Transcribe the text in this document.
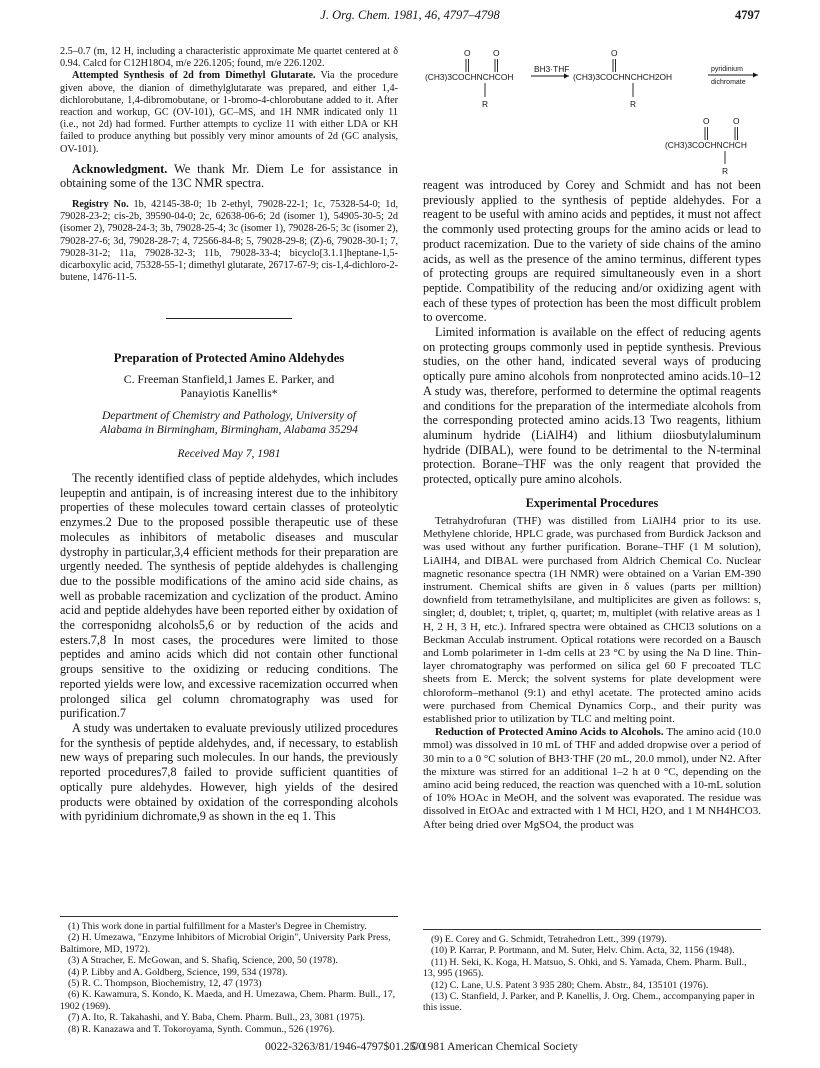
J. Org. Chem. 1981, 46, 4797–4798	4797

2.5–0.7 (m, 12 H, including a characteristic approximate Me quartet centered at δ 0.94. Calcd for C12H18O4, m/e 226.1205; found, m/e 226.1202.

Attempted Synthesis of 2d from Dimethyl Glutarate. Via the procedure given above, the dianion of dimethylglutarate was prepared, and either 1,4-dichlorobutane, 1,4-dibromobutane, or 1-bromo-4-chlorobutane added to it. After reaction and workup, GC (OV-101), GC–MS, and 1H NMR indicated only 11 (i.e., not 2d) had formed. Further attempts to cyclize 11 with either LDA or KH failed to produce anything but possibly very minor amounts of 2d (GC analysis, OV-101).

Acknowledgment. We thank Mr. Diem Le for assistance in obtaining some of the 13C NMR spectra.

Registry No. 1b, 42145-38-0; 1b 2-ethyl, 79028-22-1; 1c, 75328-54-0; 1d, 79028-23-2; cis-2b, 39590-04-0; 2c, 62638-06-6; 2d (isomer 1), 54905-30-5; 2d (isomer 2), 79028-24-3; 3b, 79028-25-4; 3c (isomer 1), 79028-26-5; 3c (isomer 2), 79028-27-6; 3d, 79028-28-7; 4, 72566-84-8; 5, 79028-29-8; (Z)-6, 79028-30-1; 7, 79028-31-2; 11a, 79028-32-3; 11b, 79028-33-4; bicyclo[3.1.1]heptane-1,5-dicarboxylic acid, 75328-55-1; dimethyl glutarate, 26717-67-9; cis-1,4-dichloro-2-butene, 1476-11-5.

Preparation of Protected Amino Aldehydes
C. Freeman Stanfield,1 James E. Parker, and
Panayiotis Kanellis*
Department of Chemistry and Pathology, University of
Alabama in Birmingham, Birmingham, Alabama 35294
Received May 7, 1981

The recently identified class of peptide aldehydes, which includes leupeptin and antipain, is of increasing interest due to the inhibitory properties of these molecules toward certain classes of proteolytic enzymes.2 Due to the proposed possible therapeutic use of these molecules as inhibitors of metabolic diseases and muscular dystrophy in particular,3,4 efficient methods for their preparation are urgently needed. The synthesis of peptide aldehydes is challenging due to the possible modifications of the amino acid side chains, as well as probable racemization and cyclization of the product. Amino acid and peptide aldehydes have been reported either by oxidation of the corresponidng alcohols5,6 or by reduction of the acids and esters.7,8 In most cases, the procedures were limited to those peptides and amino acids which did not contain other functional groups sensitive to the oxidizing or reducing conditions. The reported yields were low, and excessive racemization occurred when prolonged silica gel column chromatography was used for purification.7

A study was undertaken to evaluate previously utilized procedures for the synthesis of peptide aldehydes, and, if necessary, to establish new ways of preparing such molecules. In our hands, the previously reported procedures7,8 failed to provide sufficient quantities of optically pure aldehydes. However, high yields of the desired products were obtained by oxidation of the corresponding alcohols with pyridinium dichromate,9 as shown in the eq 1. This

(1) This work done in partial fulfillment for a Master's Degree in Chemistry.
(2) H. Umezawa, "Enzyme Inhibitors of Microbial Origin", University Park Press, Baltimore, MD, 1972).
(3) A Stracher, E. McGowan, and S. Shafiq, Science, 200, 50 (1978).
(4) P. Libby and A. Goldberg, Science, 199, 534 (1978).
(5) R. C. Thompson, Biochemistry, 12, 47 (1973)
(6) K. Kawamura, S. Kondo, K. Maeda, and H. Umezawa, Chem. Pharm. Bull., 17, 1902 (1969).
(7) A. Ito, R. Takahashi, and Y. Baba, Chem. Pharm. Bull., 23, 3081 (1975).
(8) R. Kanazawa and T. Tokoroyama, Synth. Commun., 526 (1976).
(CH3)3COCHNCHCOH
O	O
R
BH3·THF
(CH3)3COCHNCHCH2OH
O
R
pyridinium
dichromate
(CH3)3COCHNCHCH
O	O
R

reagent was introduced by Corey and Schmidt and has not been previously applied to the synthesis of peptide aldehydes. For a reagent to be useful with amino acids and peptides, it must not affect the commonly used protecting groups for the amino acids or lead to product racemization. Due to the variety of side chains of the amino acids, as well as the presence of the amino terminus, different types of protecting groups are required simultaneously even in a short peptide. Compatibility of the reducing and/or oxidizing agent with each of these types of protection has been the most difficult problem to overcome.

Limited information is available on the effect of reducing agents on protecting groups commonly used in peptide synthesis. Previous studies, on the other hand, indicated several ways of producing optically pure amino alcohols from nonprotected amino acids.10–12 A study was, therefore, performed to determine the optimal reagents and conditions for the preparation of the intermediate alcohols from the corresponding protected amino acids.13 Two reagents, lithium aluminum hydride (LiAlH4) and lithium diiosbutylaluminum hydride (DIBAL), were found to be detrimental to the N-terminal protection. Borane–THF was the only reagent that provided the protected, optically pure amino alcohols.

Experimental Procedures

Tetrahydrofuran (THF) was distilled from LiAlH4 prior to its use. Methylene chloride, HPLC grade, was purchased from Burdick Jackson and was used without any further purification. Borane–THF (1 M solution), LiAlH4, and DIBAL were purchased from Aldrich Chemical Co. Nuclear magnetic resonance spectra (1H NMR) were obtained on a Varian EM-390 instrument. Chemical shifts are given in δ values (parts per milltion) downfield from tetramethylsilane, and multiplicites are given as follows: s, singlet; d, doublet; t, triplet, q, quartet; m, multiplet (with relative areas as 1 H, 2 H, 3 H, etc.). Infrared spectra were obtained as CHCl3 solutions on a Beckman Acculab instrument. Optical rotations were recorded on a Bausch and Lomb polarimeter in 1-dm cells at 23 °C by using the Na D line. Thin-layer chromatography was performed on silica gel 60 F precoated TLC sheets from E. Merck; the solvent systems for plate development were chloroform–methanol (9:1) and ethyl acetate. The protected amino acids were purchased from Chemical Dynamics Corp., and their purity was established prior to utilization by TLC and melting point.

Reduction of Protected Amino Acids to Alcohols. The amino acid (10.0 mmol) was dissolved in 10 mL of THF and added dropwise over a period of 30 min to a 0 °C solution of BH3·THF (20 mL, 20.0 mmol), under N2. After the mixture was stirred for an additional 1–2 h at 0 °C, depending on the amino acid being reduced, the reaction was quenched with a 10-mL solution of 10% HOAc in MeOH, and the solvent was evaporated. The residue was dissolved in EtOAc and extracted with 1 M HCl, H2O, and 1 M NH4HCO3. After being dried over MgSO4, the product was

(9) E. Corey and G. Schmidt, Tetrahedron Lett., 399 (1979).
(10) P. Karrar, P. Portmann, and M. Suter, Helv. Chim. Acta, 32, 1156 (1948).
(11) H. Seki, K. Koga, H. Matsuo, S. Ohki, and S. Yamada, Chem. Pharm. Bull., 13, 995 (1965).
(12) C. Lane, U.S. Patent 3 935 280; Chem. Abstr., 84, 135101 (1976).
(13) C. Stanfield, J. Parker, and P. Kanellis, J. Org. Chem., accompanying paper in this issue.
0022-3263/81/1946-4797$01.25/0
© 1981 American Chemical Society
